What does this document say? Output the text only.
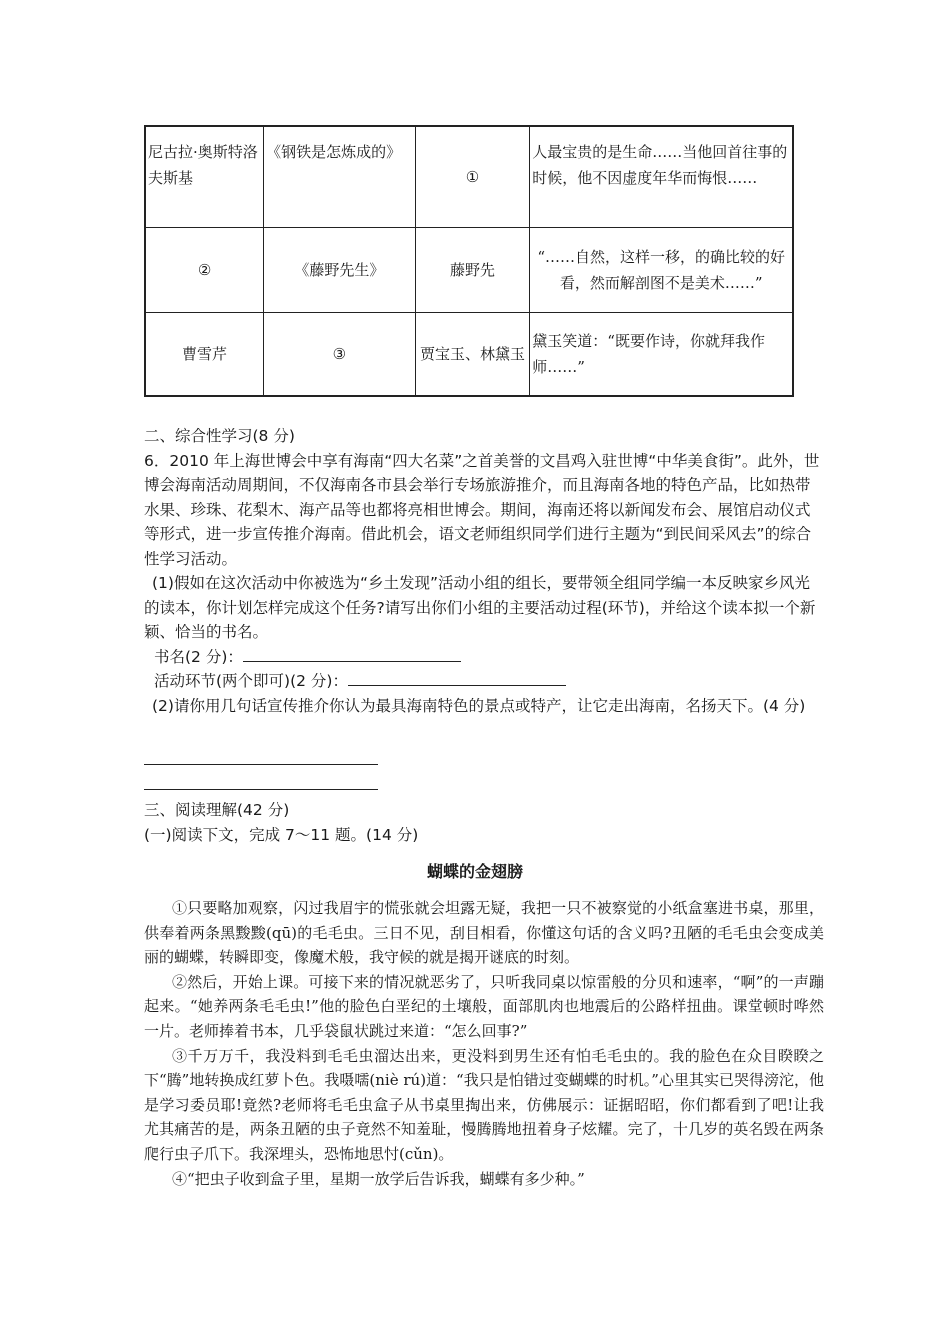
尼古拉·奥斯特洛夫斯基	《钢铁是怎炼成的》	①	人最宝贵的是生命……当他回首往事的时候，他不因虚度年华而悔恨……
②	《藤野先生》	藤野先	“……自然，这样一移，的确比较的好看，然而解剖图不是美术……”
曹雪芹	③	贾宝玉、林黛玉	黛玉笑道：“既要作诗，你就拜我作师……”

二、综合性学习(8 分)

6．2010 年上海世博会中享有海南“四大名菜”之首美誉的文昌鸡入驻世博“中华美食街”。此外，世博会海南活动周期间，不仅海南各市县会举行专场旅游推介，而且海南各地的特色产品，比如热带水果、珍珠、花梨木、海产品等也都将亮相世博会。期间，海南还将以新闻发布会、展馆启动仪式等形式，进一步宣传推介海南。借此机会，语文老师组织同学们进行主题为“到民间采风去”的综合性学习活动。

(1)假如在这次活动中你被选为“乡土发现”活动小组的组长，要带领全组同学编一本反映家乡风光的读本，你计划怎样完成这个任务?请写出你们小组的主要活动过程(环节)，并给这个读本拟一个新颖、恰当的书名。

书名(2 分)：

活动环节(两个即可)(2 分)：

(2)请你用几句话宣传推介你认为最具海南特色的景点或特产，让它走出海南，名扬天下。(4 分)

三、阅读理解(42 分)

(一)阅读下文，完成 7～11 题。(14 分)

蝴蝶的金翅膀

①只要略加观察，闪过我眉宇的慌张就会坦露无疑，我把一只不被察觉的小纸盒塞进书桌，那里，供奉着两条黑黢黢(qū)的毛毛虫。三日不见，刮目相看，你懂这句话的含义吗?丑陋的毛毛虫会变成美丽的蝴蝶，转瞬即变，像魔术般，我守候的就是揭开谜底的时刻。

②然后，开始上课。可接下来的情况就恶劣了，只听我同桌以惊雷般的分贝和速率，“啊”的一声蹦起来。“她养两条毛毛虫!”他的脸色白垩纪的土壤般，面部肌肉也地震后的公路样扭曲。课堂顿时哗然一片。老师捧着书本，几乎袋鼠状跳过来道：“怎么回事?”

③千万万千，我没料到毛毛虫溜达出来，更没料到男生还有怕毛毛虫的。我的脸色在众目睽睽之下“腾”地转换成红萝卜色。我嗫嚅(niè rú)道：“我只是怕错过变蝴蝶的时机。”心里其实已哭得滂沱，他是学习委员耶!竟然?老师将毛毛虫盒子从书桌里掏出来，仿佛展示：证据昭昭，你们都看到了吧!让我尤其痛苦的是，两条丑陋的虫子竟然不知羞耻，慢腾腾地扭着身子炫耀。完了，十几岁的英名毁在两条爬行虫子爪下。我深埋头，恐怖地思忖(cǔn)。

④“把虫子收到盒子里，星期一放学后告诉我，蝴蝶有多少种。”
